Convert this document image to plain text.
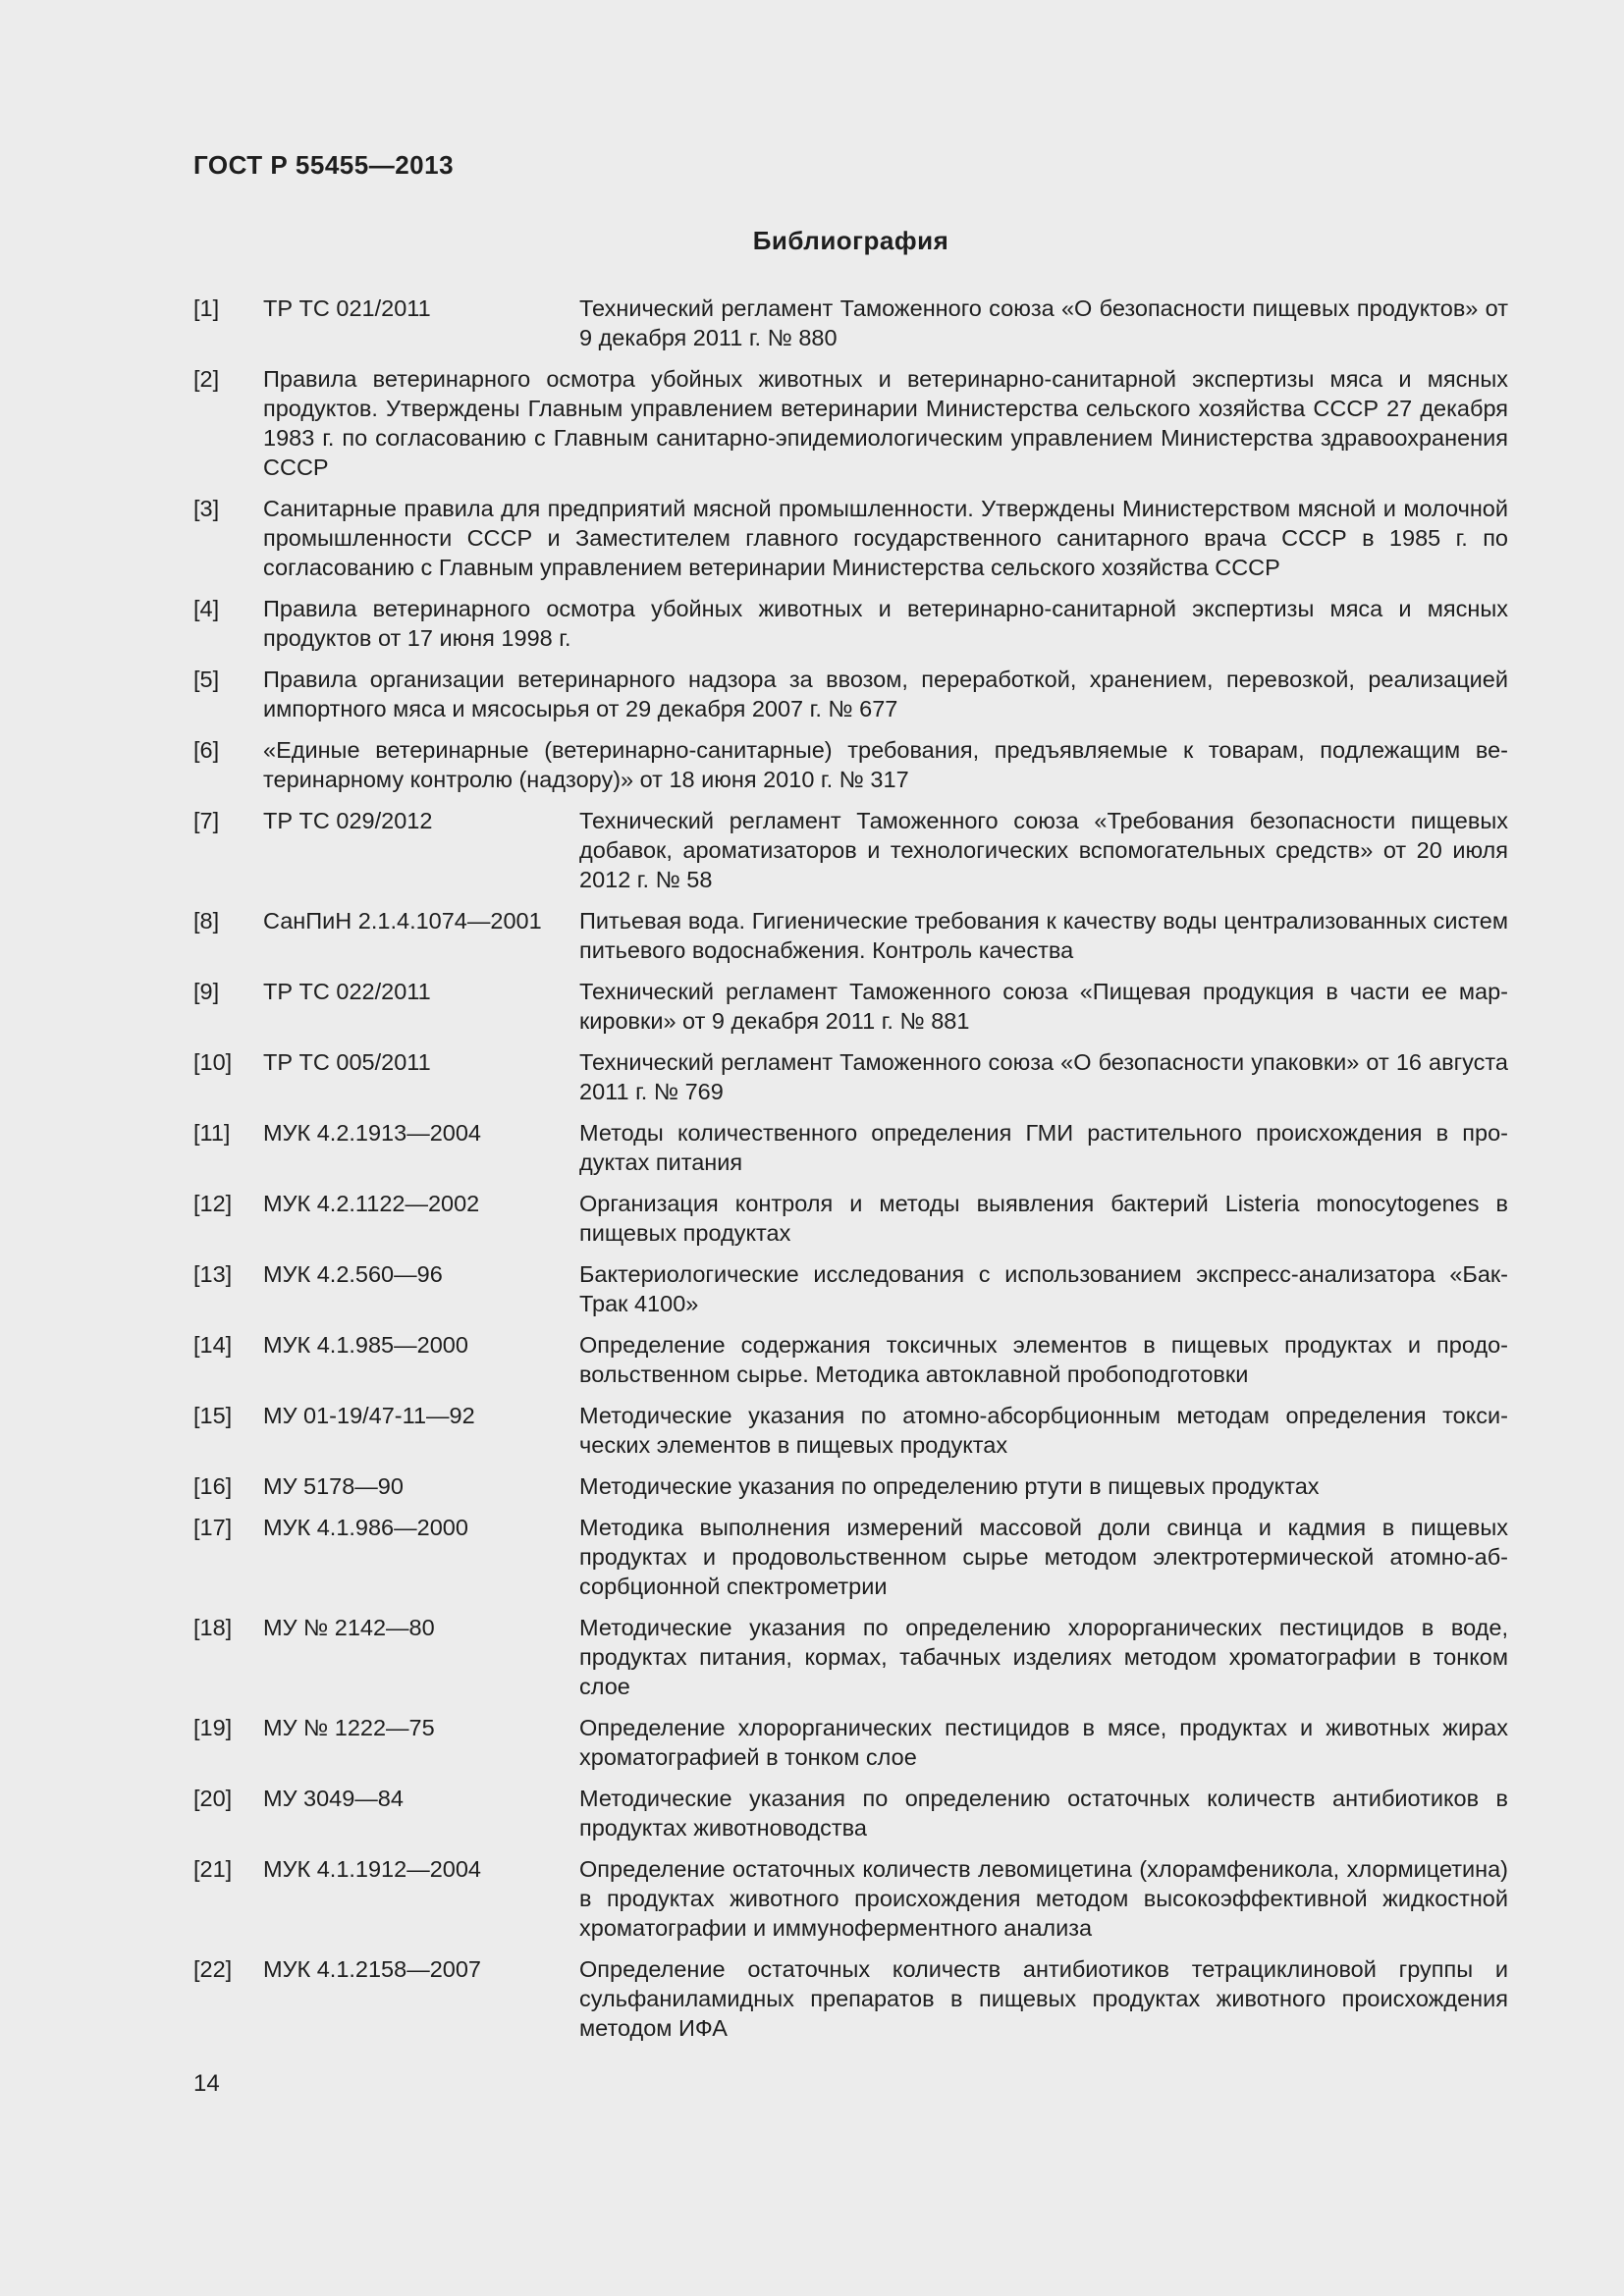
ГОСТ Р 55455—2013
Библиография
[1]	ТР ТС 021/2011	Технический регламент Таможенного союза «О безопасности пищевых продуктов» от 9 декабря 2011 г. № 880
[2]	Правила ветеринарного осмотра убойных животных и ветеринарно-санитарной экспертизы мяса и мясных продуктов. Утверждены Главным управлением ветеринарии Министерства сельского хозяйства СССР 27 декабря 1983 г. по согласованию с Главным санитарно-эпидемиологическим управлением Министерства здравоохранения СССР
[3]	Санитарные правила для предприятий мясной промышленности. Утверждены Министерством мясной и молочной промышленности СССР и Заместителем главного государственного санитарного врача СССР в 1985 г. по согласованию с Главным управлением ветеринарии Министерства сельского хозяйства СССР
[4]	Правила ветеринарного осмотра убойных животных и ветеринарно-санитарной экспертизы мяса и мясных продуктов от 17 июня 1998 г.
[5]	Правила организации ветеринарного надзора за ввозом, переработкой, хранением, перевозкой, реализацией импортного мяса и мясосырья от 29 декабря 2007 г. № 677
[6]	«Единые ветеринарные (ветеринарно-санитарные) требования, предъявляемые к товарам, подлежащим ветеринарному контролю (надзору)» от 18 июня 2010 г. № 317
[7]	ТР ТС 029/2012	Технический регламент Таможенного союза «Требования безопасности пищевых добавок, ароматизаторов и технологических вспомогательных средств» от 20 июля 2012 г. № 58
[8]	СанПиН 2.1.4.1074—2001	Питьевая вода. Гигиенические требования к качеству воды централизованных систем питьевого водоснабжения. Контроль качества
[9]	ТР ТС 022/2011	Технический регламент Таможенного союза «Пищевая продукция в части ее маркировки» от 9 декабря 2011 г. № 881
[10]	ТР ТС 005/2011	Технический регламент Таможенного союза «О безопасности упаковки» от 16 августа 2011 г. № 769
[11]	МУК 4.2.1913—2004	Методы количественного определения ГМИ растительного происхождения в продуктах питания
[12]	МУК 4.2.1122—2002	Организация контроля и методы выявления бактерий Listeria monocytogenes в пищевых продуктах
[13]	МУК 4.2.560—96	Бактериологические исследования с использованием экспресс-анализатора «Бак-Трак 4100»
[14]	МУК 4.1.985—2000	Определение содержания токсичных элементов в пищевых продуктах и продовольственном сырье. Методика автоклавной пробоподготовки
[15]	МУ 01-19/47-11—92	Методические указания по атомно-абсорбционным методам определения токсических элементов в пищевых продуктах
[16]	МУ 5178—90	Методические указания по определению ртути в пищевых продуктах
[17]	МУК 4.1.986—2000	Методика выполнения измерений массовой доли свинца и кадмия в пищевых продуктах и продовольственном сырье методом электротермической атомно-абсорбционной спектрометрии
[18]	МУ № 2142—80	Методические указания по определению хлорорганических пестицидов в воде, продуктах питания, кормах, табачных изделиях методом хроматографии в тонком слое
[19]	МУ № 1222—75	Определение хлорорганических пестицидов в мясе, продуктах и животных жирах хроматографией в тонком слое
[20]	МУ 3049—84	Методические указания по определению остаточных количеств антибиотиков в продуктах животноводства
[21]	МУК 4.1.1912—2004	Определение остаточных количеств левомицетина (хлорамфеникола, хлормицетина) в продуктах животного происхождения методом высокоэффективной жидкостной хроматографии и иммуноферментного анализа
[22]	МУК 4.1.2158—2007	Определение остаточных количеств антибиотиков тетрациклиновой группы и сульфаниламидных препаратов в пищевых продуктах животного происхождения методом ИФА
14
